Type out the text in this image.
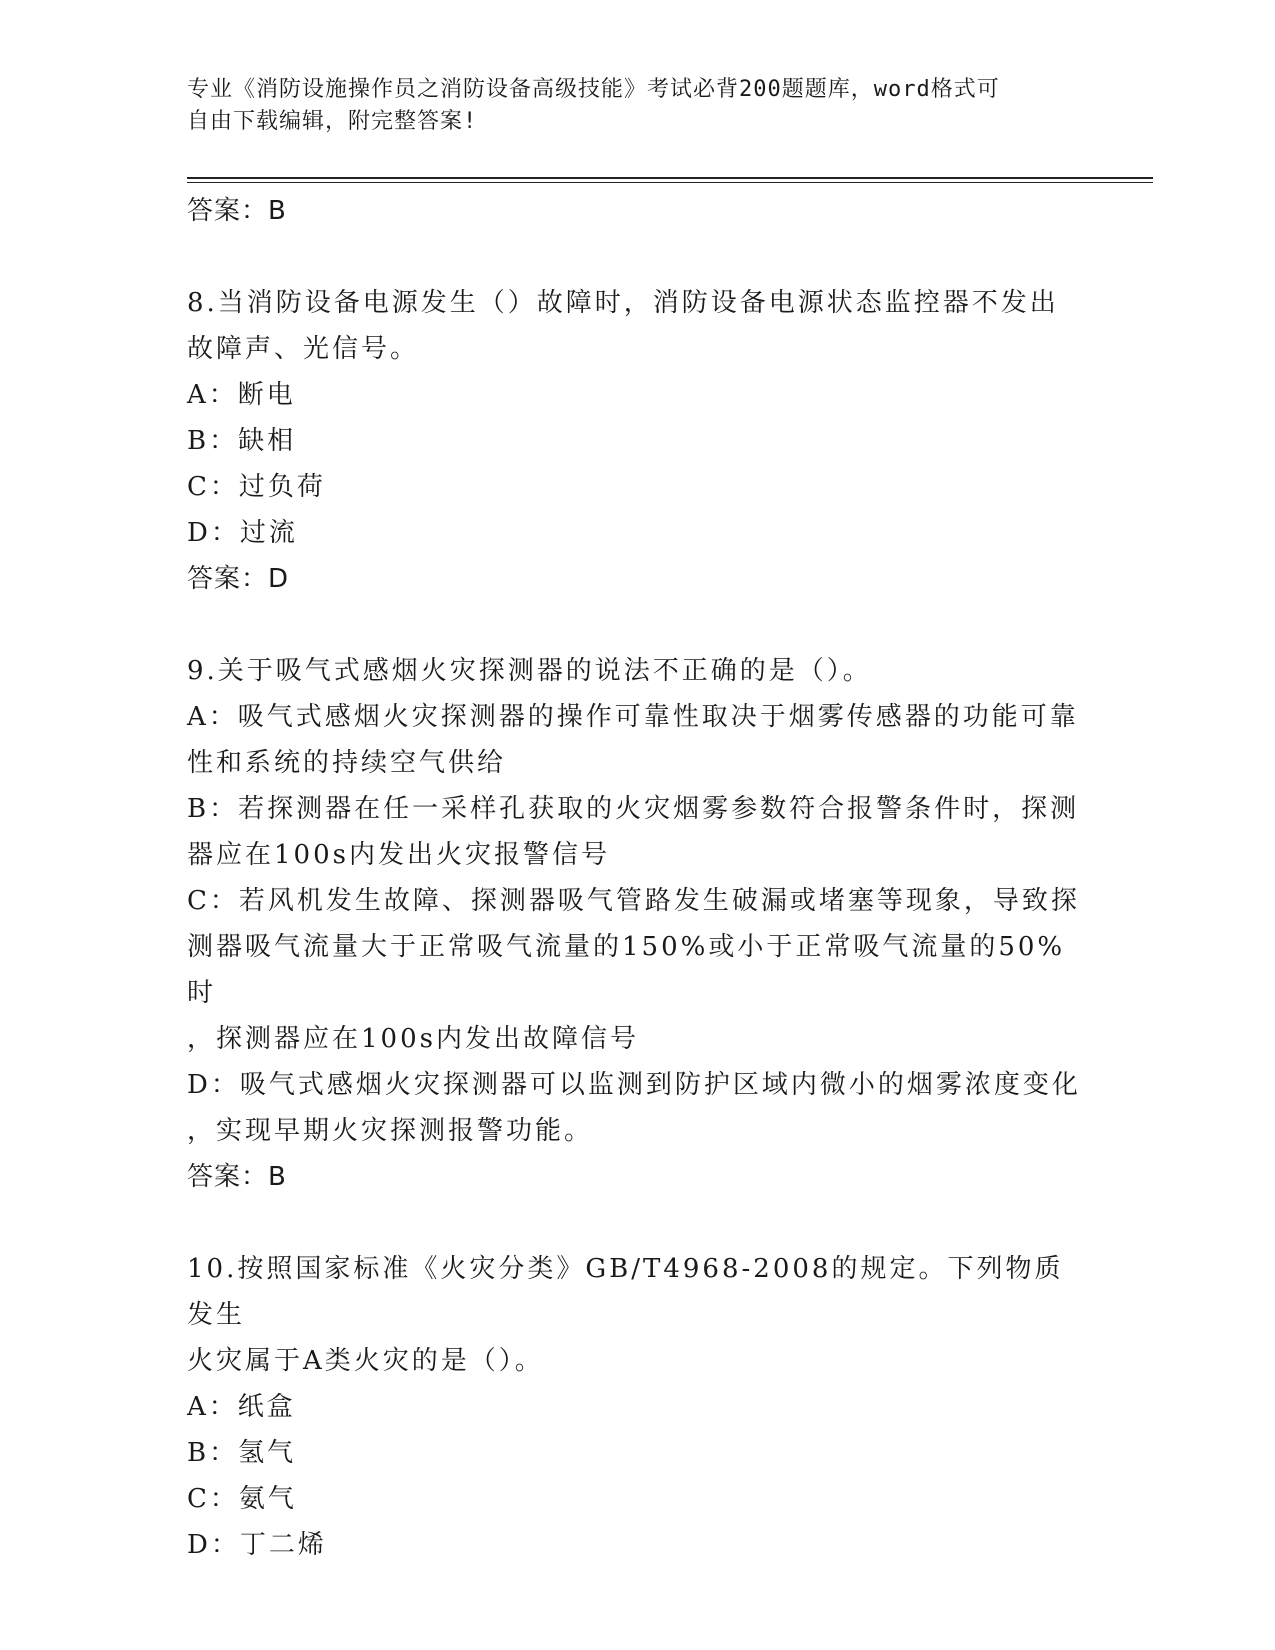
专业《消防设施操作员之消防设备高级技能》考试必背200题题库，word格式可
自由下载编辑，附完整答案!

答案：B

8.当消防设备电源发生（）故障时，消防设备电源状态监控器不发出

故障声、光信号。

A：断电

B：缺相

C：过负荷

D：过流

答案：D

9.关于吸气式感烟火灾探测器的说法不正确的是（）。

A：吸气式感烟火灾探测器的操作可靠性取决于烟雾传感器的功能可靠

性和系统的持续空气供给

B：若探测器在任一采样孔获取的火灾烟雾参数符合报警条件时，探测

器应在100s内发出火灾报警信号

C：若风机发生故障、探测器吸气管路发生破漏或堵塞等现象，导致探

测器吸气流量大于正常吸气流量的150%或小于正常吸气流量的50%时

，探测器应在100s内发出故障信号

D：吸气式感烟火灾探测器可以监测到防护区域内微小的烟雾浓度变化

，实现早期火灾探测报警功能。

答案：B

10.按照国家标准《火灾分类》GB/T4968-2008的规定。下列物质发生

火灾属于A类火灾的是（）。

A：纸盒

B：氢气

C：氨气

D：丁二烯
